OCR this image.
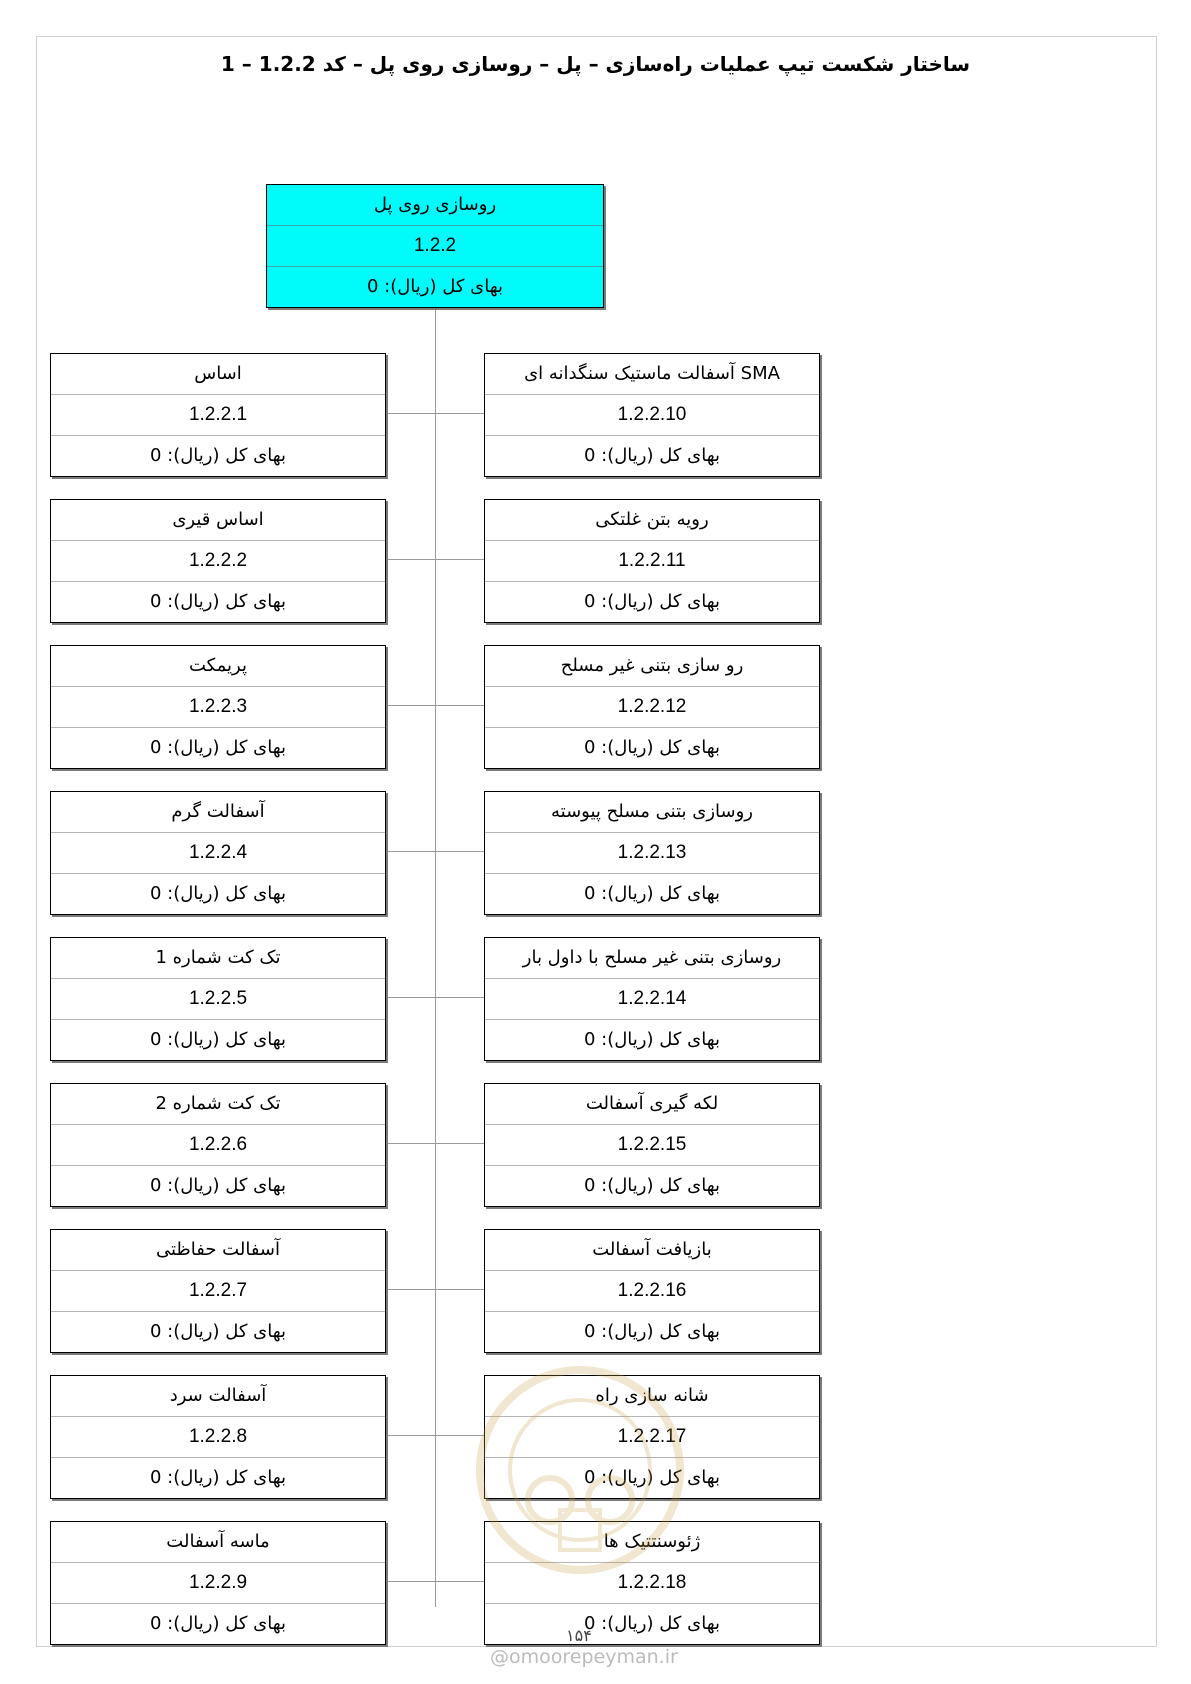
ساختار شکست تیپ عملیات راه‌سازی – پل – روسازی روی پل – کد 1.2.2 – 1
روسازی روی پل
1.2.2
بهای کل (ریال): 0
اساس
1.2.2.1
بهای کل (ریال): 0
اساس قیری
1.2.2.2
بهای کل (ریال): 0
پریمکت
1.2.2.3
بهای کل (ریال): 0
آسفالت گرم
1.2.2.4
بهای کل (ریال): 0
تک کت شماره 1
1.2.2.5
بهای کل (ریال): 0
تک کت شماره 2
1.2.2.6
بهای کل (ریال): 0
آسفالت حفاظتی
1.2.2.7
بهای کل (ریال): 0
آسفالت سرد
1.2.2.8
بهای کل (ریال): 0
ماسه آسفالت
1.2.2.9
بهای کل (ریال): 0
SMA آسفالت ماستیک سنگدانه ای
1.2.2.10
بهای کل (ریال): 0
رویه بتن غلتکی
1.2.2.11
بهای کل (ریال): 0
رو سازی بتنی غیر مسلح
1.2.2.12
بهای کل (ریال): 0
روسازی بتنی مسلح پیوسته
1.2.2.13
بهای کل (ریال): 0
روسازی بتنی غیر مسلح با داول بار
1.2.2.14
بهای کل (ریال): 0
لکه گیری آسفالت
1.2.2.15
بهای کل (ریال): 0
بازیافت آسفالت
1.2.2.16
بهای کل (ریال): 0
شانه سازی راه
1.2.2.17
بهای کل (ریال): 0
ژئوسنتتیک ها
1.2.2.18
بهای کل (ریال): 0
۱۵۴
@omoorepeyman.ir
